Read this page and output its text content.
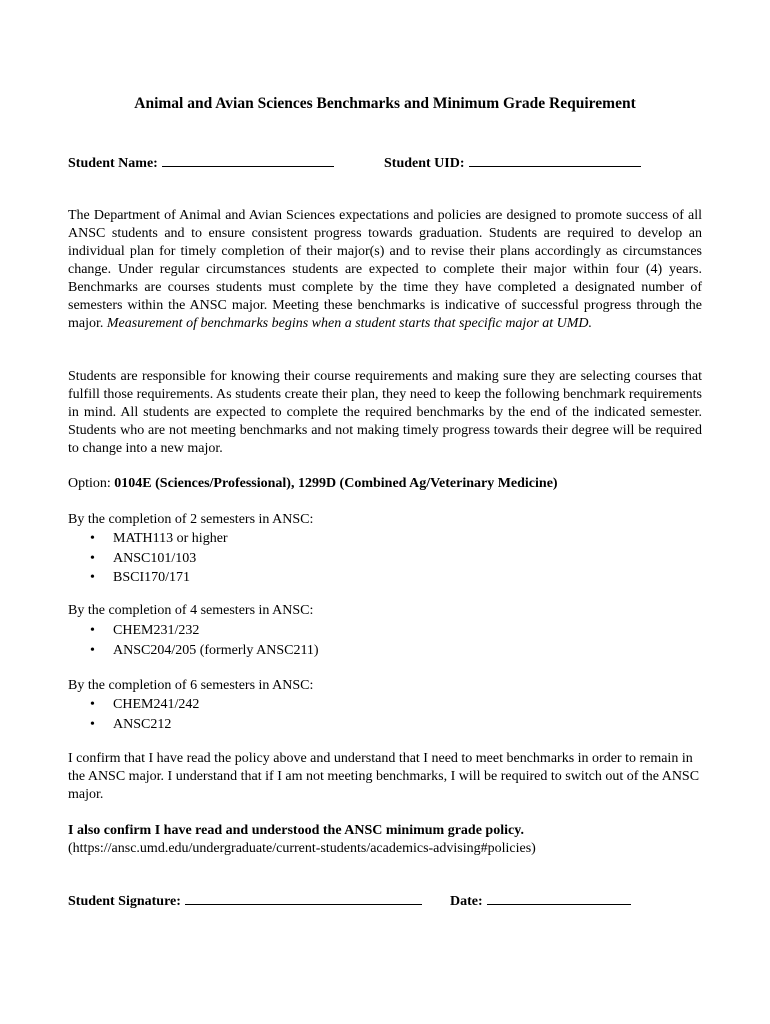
Animal and Avian Sciences Benchmarks and Minimum Grade Requirement
Student Name:	Student UID:
The Department of Animal and Avian Sciences expectations and policies are designed to promote success of all ANSC students and to ensure consistent progress towards graduation. Students are required to develop an individual plan for timely completion of their major(s) and to revise their plans accordingly as circumstances change. Under regular circumstances students are expected to complete their major within four (4) years. Benchmarks are courses students must complete by the time they have completed a designated number of semesters within the ANSC major. Meeting these benchmarks is indicative of successful progress through the major. Measurement of benchmarks begins when a student starts that specific major at UMD.
Students are responsible for knowing their course requirements and making sure they are selecting courses that fulfill those requirements. As students create their plan, they need to keep the following benchmark requirements in mind. All students are expected to complete the required benchmarks by the end of the indicated semester. Students who are not meeting benchmarks and not making timely progress towards their degree will be required to change into a new major.
Option: 0104E (Sciences/Professional), 1299D (Combined Ag/Veterinary Medicine)
By the completion of 2 semesters in ANSC:
• MATH113 or higher
• ANSC101/103
• BSCI170/171
By the completion of 4 semesters in ANSC:
• CHEM231/232
• ANSC204/205 (formerly ANSC211)
By the completion of 6 semesters in ANSC:
• CHEM241/242
• ANSC212
I confirm that I have read the policy above and understand that I need to meet benchmarks in order to remain in the ANSC major. I understand that if I am not meeting benchmarks, I will be required to switch out of the ANSC major.
I also confirm I have read and understood the ANSC minimum grade policy.
(https://ansc.umd.edu/undergraduate/current-students/academics-advising#policies)
Student Signature:	Date:
